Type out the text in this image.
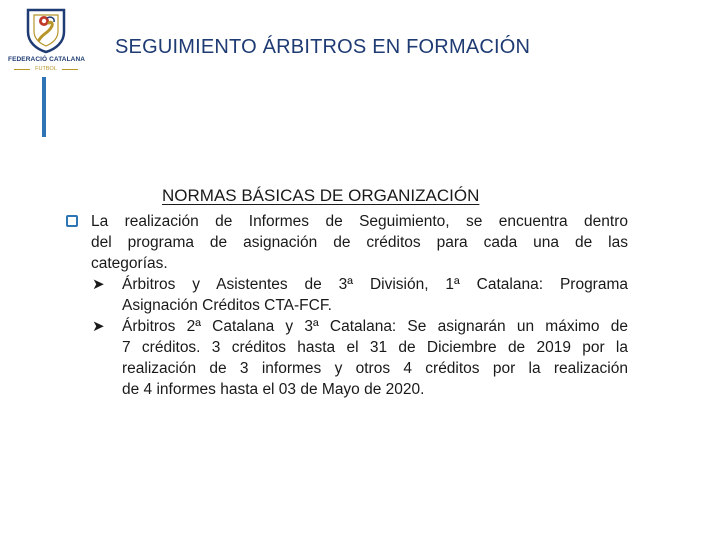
FEDERACIÓ CATALANA
FUTBOL
SEGUIMIENTO ÁRBITROS EN FORMACIÓN
NORMAS BÁSICAS DE ORGANIZACIÓN
La realización de Informes de Seguimiento, se encuentra dentro
del programa de asignación de créditos para cada una de las
categorías.
➤ Árbitros y Asistentes de 3ª División, 1ª Catalana: Programa
Asignación Créditos CTA-FCF.
➤ Árbitros 2ª Catalana y 3ª Catalana: Se asignarán un máximo de
7 créditos. 3 créditos hasta el 31 de Diciembre de 2019 por la
realización de 3 informes y otros 4 créditos por la realización
de 4 informes hasta el 03 de Mayo de 2020.
